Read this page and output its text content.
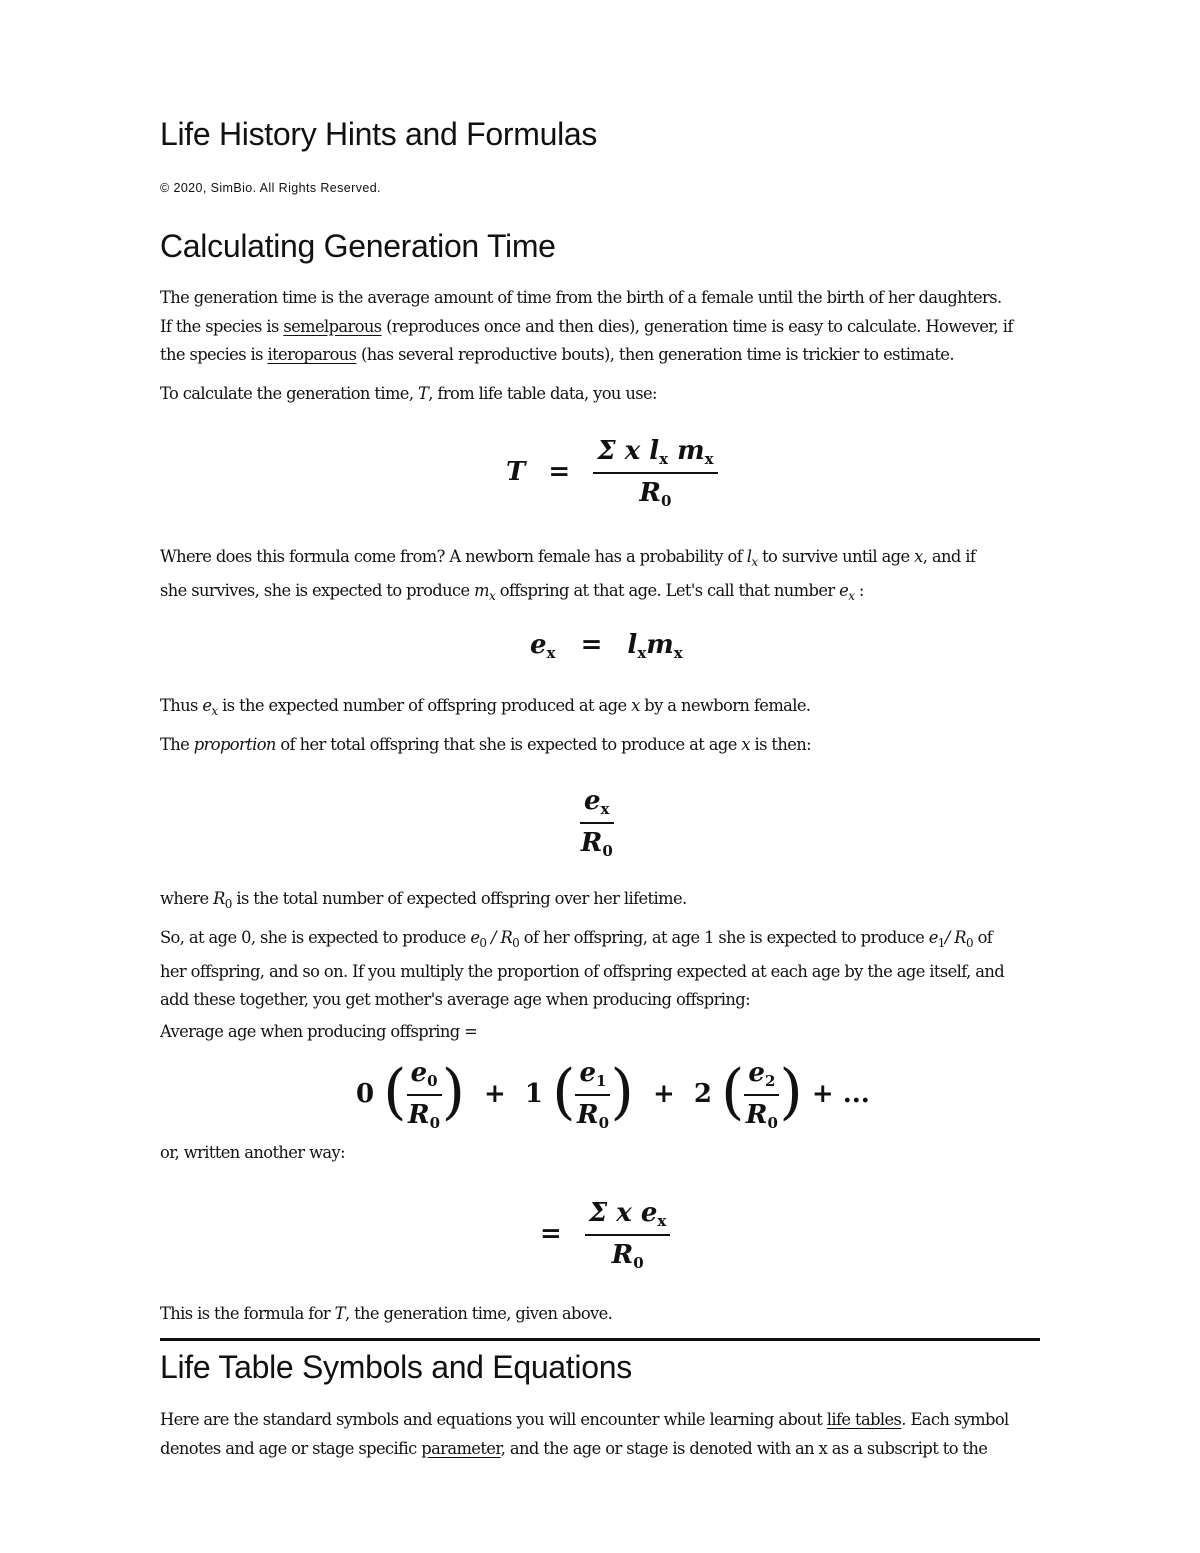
Life History Hints and Formulas
© 2020, SimBio. All Rights Reserved.
Calculating Generation Time

The generation time is the average amount of time from the birth of a female until the birth of her daughters.
If the species is semelparous (reproduces once and then dies), generation time is easy to calculate. However, if
the species is iteroparous (has several reproductive bouts), then generation time is trickier to estimate.

To calculate the generation time, T, from life table data, you use:

$T = \frac{\text{Σ x lx mx}}{R0}$

Where does this formula come from? A newborn female has a probability of $l_x$ to survive until age x, and if
she survives, she is expected to produce $m_x$ offspring at that age. Let's call that number $e_x$ :

ex = lxmx

Thus $e_x$ is the expected number of offspring produced at age x by a newborn female.

The proportion of her total offspring that she is expected to produce at age x is then:

$\frac{ex}{R0}$

where $R_0$ is the total number of expected offspring over her lifetime.

So, at age 0, she is expected to produce $e_0 / R_0$ of her offspring, at age 1 she is expected to produce $e_1/$ $R_0$ of
her offspring, and so on. If you multiply the proportion of offspring expected at each age by the age itself, and
add these together, you get mother's average age when producing offspring:

Average age when producing offspring =

0 ( $\frac{e0}{R0}$ ) + 1 ( $\frac{e1}{R0}$ ) + 2 ( $\frac{e2}{R0}$ ) + ...

or, written another way:

= $\frac{\text{Σ x ex}}{R0}$

This is the formula for T, the generation time, given above.

Life Table Symbols and Equations

Here are the standard symbols and equations you will encounter while learning about life tables. Each symbol
denotes and age or stage specific parameter, and the age or stage is denoted with an x as a subscript to the
